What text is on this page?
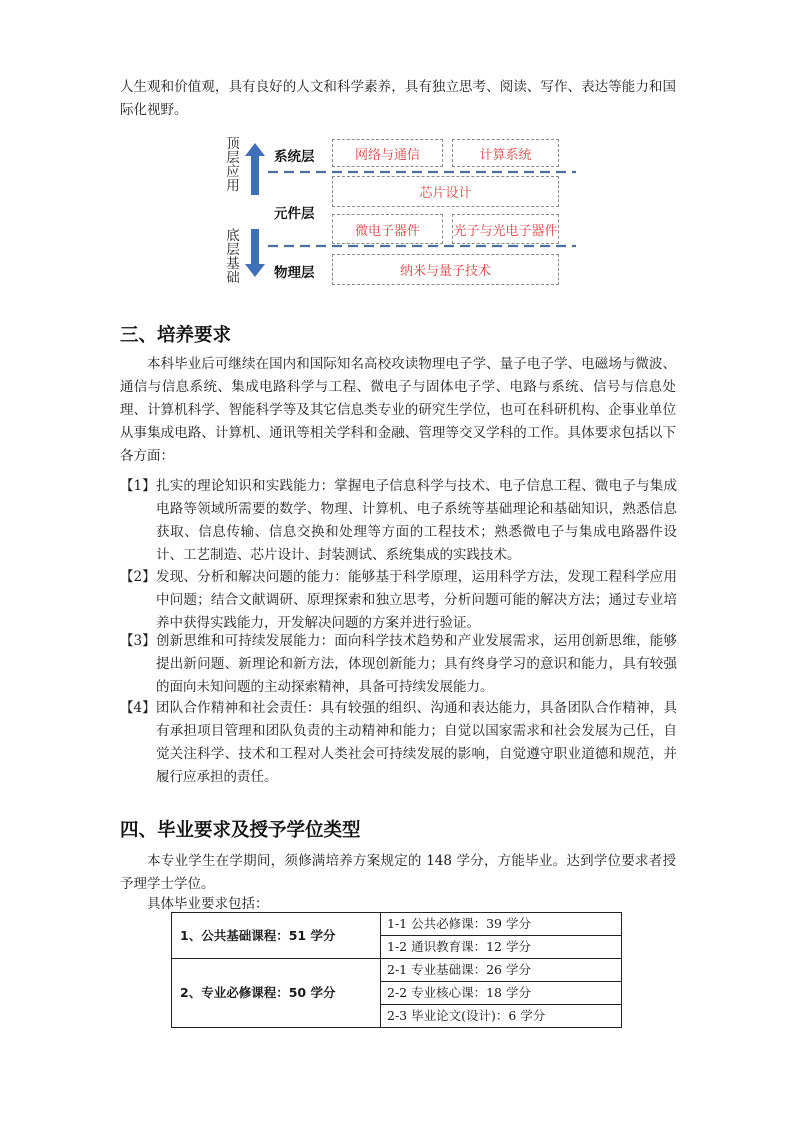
人生观和价值观，具有良好的人文和科学素养，具有独立思考、阅读、写作、表达等能力和国际化视野。

顶层应用
底层基础
系统层
元件层
物理层
网络与通信	计算系统
芯片设计
微电子器件	光子与光电子器件
纳米与量子技术
三、培养要求

本科毕业后可继续在国内和国际知名高校攻读物理电子学、量子电子学、电磁场与微波、通信与信息系统、集成电路科学与工程、微电子与固体电子学、电路与系统、信号与信息处理、计算机科学、智能科学等及其它信息类专业的研究生学位，也可在科研机构、企事业单位从事集成电路、计算机、通讯等相关学科和金融、管理等交叉学科的工作。具体要求包括以下各方面：

【1】 扎实的理论知识和实践能力：掌握电子信息科学与技术、电子信息工程、微电子与集成电路等领域所需要的数学、物理、计算机、电子系统等基础理论和基础知识，熟悉信息获取、信息传输、信息交换和处理等方面的工程技术；熟悉微电子与集成电路器件设计、工艺制造、芯片设计、封装测试、系统集成的实践技术。
【2】 发现、分析和解决问题的能力：能够基于科学原理，运用科学方法，发现工程科学应用中问题；结合文献调研、原理探索和独立思考，分析问题可能的解决方法；通过专业培养中获得实践能力，开发解决问题的方案并进行验证。
【3】 创新思维和可持续发展能力：面向科学技术趋势和产业发展需求，运用创新思维，能够提出新问题、新理论和新方法，体现创新能力；具有终身学习的意识和能力，具有较强的面向未知问题的主动探索精神，具备可持续发展能力。
【4】 团队合作精神和社会责任：具有较强的组织、沟通和表达能力，具备团队合作精神，具有承担项目管理和团队负责的主动精神和能力；自觉以国家需求和社会发展为己任，自觉关注科学、技术和工程对人类社会可持续发展的影响，自觉遵守职业道德和规范，并履行应承担的责任。
四、毕业要求及授予学位类型

本专业学生在学期间，须修满培养方案规定的 148 学分，方能毕业。达到学位要求者授予理学士学位。

具体毕业要求包括：

1、公共基础课程：51 学分	1-1 公共必修课：39 学分
	1-2 通识教育课：12 学分
2、专业必修课程：50 学分	2-1 专业基础课：26 学分
	2-2 专业核心课：18 学分
	2-3 毕业论文(设计)：6 学分
